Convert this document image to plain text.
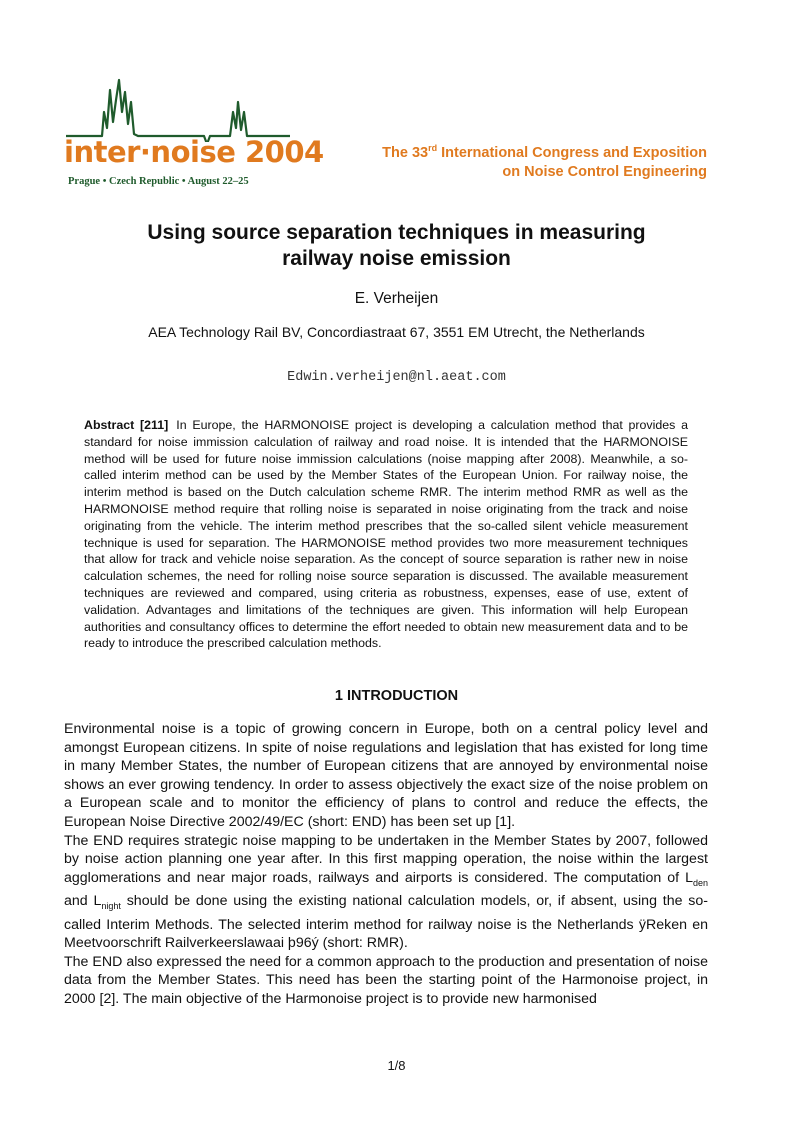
inter·noise 2004
Prague • Czech Republic • August 22–25
The 33rd International Congress and Exposition
on Noise Control Engineering
Using source separation techniques in measuring
railway noise emission
E. Verheijen
AEA Technology Rail BV, Concordiastraat 67, 3551 EM Utrecht, the Netherlands
Edwin.verheijen@nl.aeat.com
Abstract [211] In Europe, the HARMONOISE project is developing a calculation method that provides a standard for noise immission calculation of railway and road noise. It is intended that the HARMONOISE method will be used for future noise immission calculations (noise mapping after 2008). Meanwhile, a so-called interim method can be used by the Member States of the European Union. For railway noise, the interim method is based on the Dutch calculation scheme RMR. The interim method RMR as well as the HARMONOISE method require that rolling noise is separated in noise originating from the track and noise originating from the vehicle. The interim method prescribes that the so-called silent vehicle measurement technique is used for separation. The HARMONOISE method provides two more measurement techniques that allow for track and vehicle noise separation. As the concept of source separation is rather new in noise calculation schemes, the need for rolling noise source separation is discussed. The available measurement techniques are reviewed and compared, using criteria as robustness, expenses, ease of use, extent of validation. Advantages and limitations of the techniques are given. This information will help European authorities and consultancy offices to determine the effort needed to obtain new measurement data and to be ready to introduce the prescribed calculation methods.
1 INTRODUCTION

Environmental noise is a topic of growing concern in Europe, both on a central policy level and amongst European citizens. In spite of noise regulations and legislation that has existed for long time in many Member States, the number of European citizens that are annoyed by environmental noise shows an ever growing tendency. In order to assess objectively the exact size of the noise problem on a European scale and to monitor the efficiency of plans to control and reduce the effects, the European Noise Directive 2002/49/EC (short: END) has been set up [1].

The END requires strategic noise mapping to be undertaken in the Member States by 2007, followed by noise action planning one year after. In this first mapping operation, the noise within the largest agglomerations and near major roads, railways and airports is considered. The computation of $L_{den}$ and $L_{night}$ should be done using the existing national calculation models, or, if absent, using the so-called Interim Methods. The selected interim method for railway noise is the Netherlands ÿReken en Meetvoorschrift Railverkeerslawaai þ96ý (short: RMR).

The END also expressed the need for a common approach to the production and presentation of noise data from the Member States. This need has been the starting point of the Harmonoise project, in 2000 [2]. The main objective of the Harmonoise project is to provide new harmonised

1/8
